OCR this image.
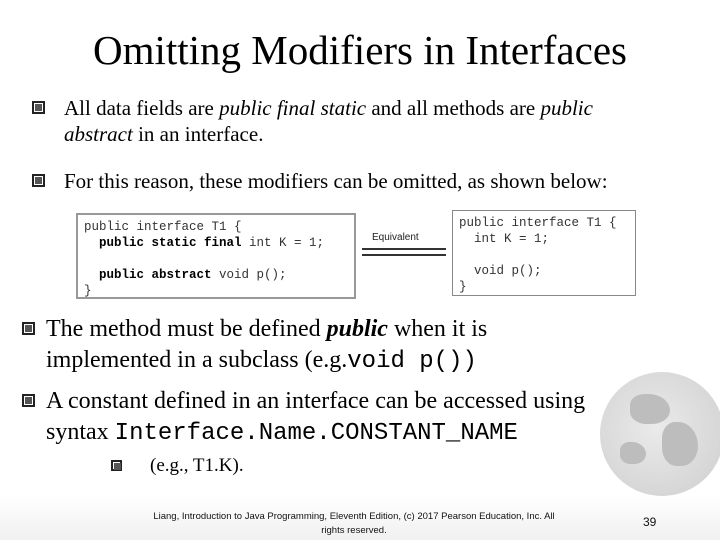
Omitting Modifiers in Interfaces
All data fields are public final static and all methods are public
abstract in an interface.
For this reason, these modifiers can be omitted, as shown below:
public interface T1 {
public static final int K = 1;

public abstract void p();
}
Equivalent
public interface T1 {
int K = 1;

void p();
}
The method must be defined public when it is
implemented in a subclass (e.g.void p())
A constant defined in an interface can be accessed using
syntax Interface.Name.CONSTANT_NAME
(e.g., T1.K).
Liang, Introduction to Java Programming, Eleventh Edition, (c) 2017 Pearson Education, Inc. All
rights reserved.
39
